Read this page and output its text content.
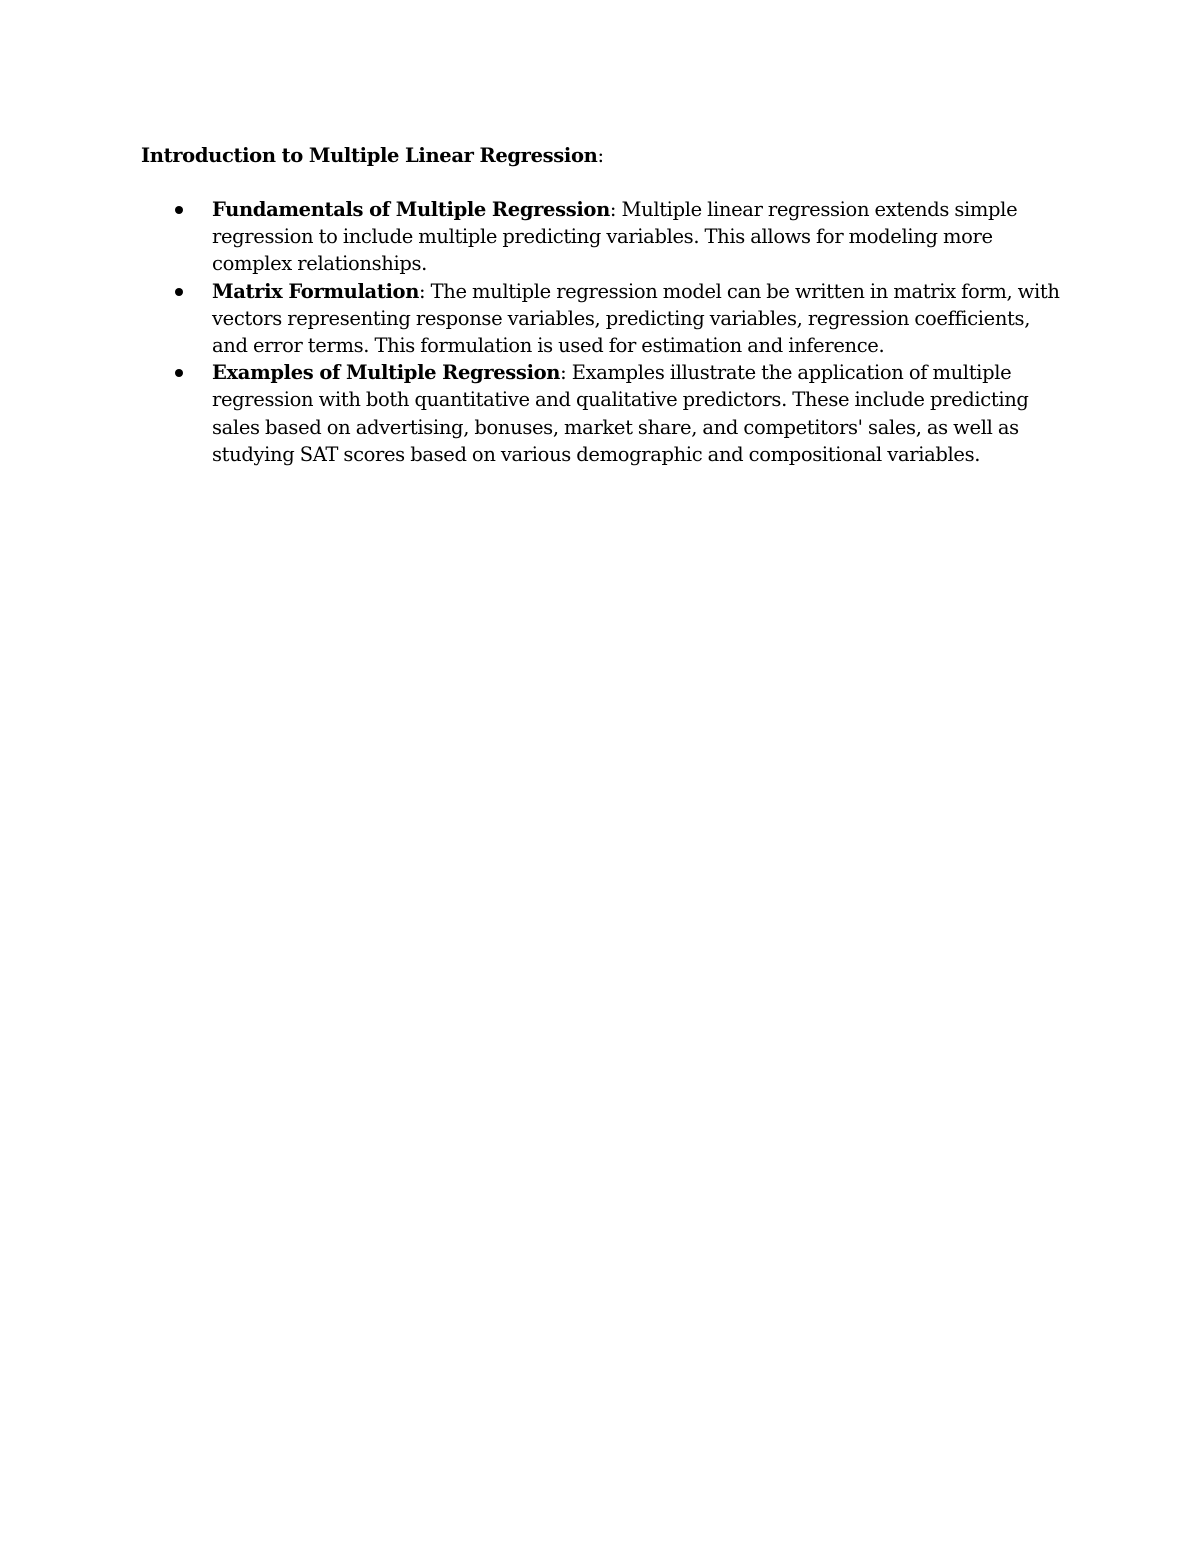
Introduction to Multiple Linear Regression:

Fundamentals of Multiple Regression: Multiple linear regression extends simple regression to include multiple predicting variables. This allows for modeling more complex relationships.
Matrix Formulation: The multiple regression model can be written in matrix form, with vectors representing response variables, predicting variables, regression coefficients, and error terms. This formulation is used for estimation and inference.
Examples of Multiple Regression: Examples illustrate the application of multiple regression with both quantitative and qualitative predictors. These include predicting sales based on advertising, bonuses, market share, and competitors' sales, as well as studying SAT scores based on various demographic and compositional variables.
